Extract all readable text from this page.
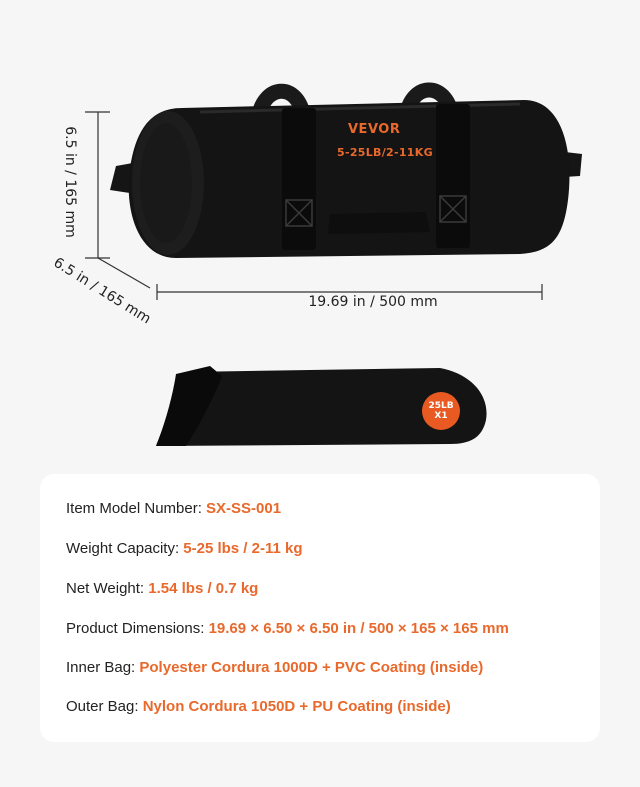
6.5 in / 165 mm
6.5 in / 165 mm	19.69 in / 500 mm
VEVOR
5-25LB/2-11KG
25LB
X1
Item Model Number: SX-SS-001
Weight Capacity: 5-25 lbs / 2-11 kg
Net Weight: 1.54 lbs / 0.7 kg
Product Dimensions: 19.69 × 6.50 × 6.50 in / 500 × 165 × 165 mm
Inner Bag: Polyester Cordura 1000D + PVC Coating (inside)
Outer Bag: Nylon Cordura 1050D + PU Coating (inside)
